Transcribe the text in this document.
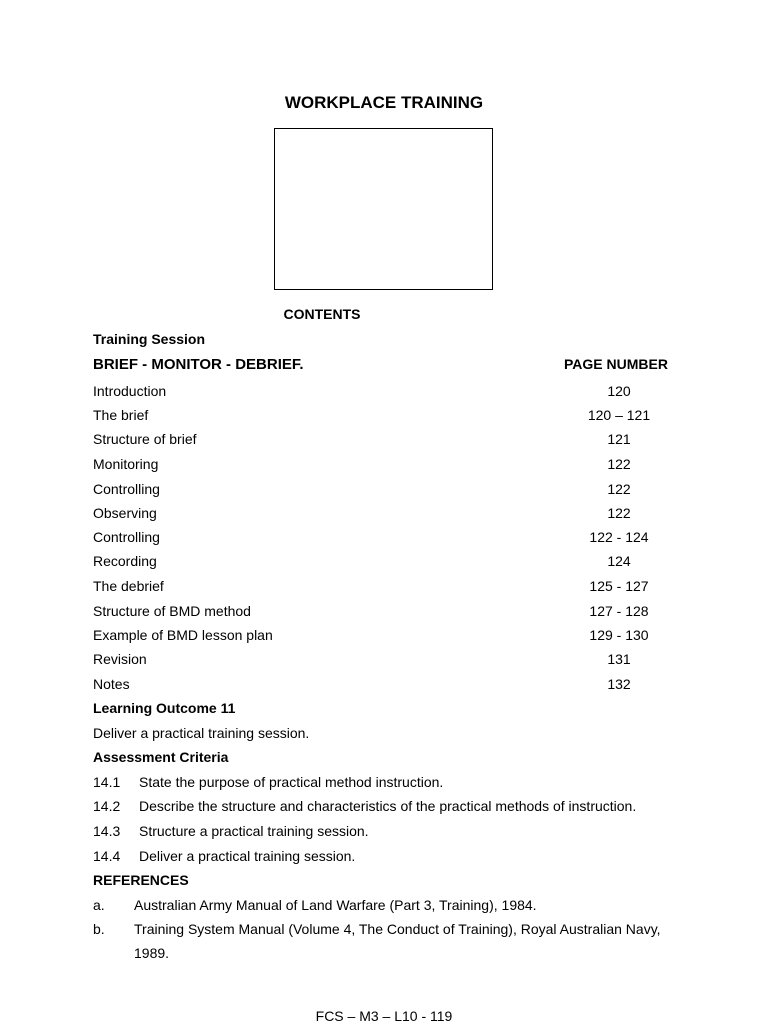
WORKPLACE TRAINING
CONTENTS
Training Session
BRIEF - MONITOR - DEBRIEF.	PAGE NUMBER
Introduction	120
The brief	120 – 121
Structure of brief	121
Monitoring	122
Controlling	122
Observing	122
Controlling	122 - 124
Recording	124
The debrief	125 - 127
Structure of BMD method	127 - 128
Example of BMD lesson plan	129 - 130
Revision	131
Notes	132
Learning Outcome 11
Deliver a practical training session.
Assessment Criteria
14.1 State the purpose of practical method instruction.
14.2 Describe the structure and characteristics of the practical methods of instruction.
14.3 Structure a practical training session.
14.4 Deliver a practical training session.
REFERENCES
a. Australian Army Manual of Land Warfare (Part 3, Training), 1984.
b. Training System Manual (Volume 4, The Conduct of Training), Royal Australian Navy,
1989.
FCS – M3 – L10 - 119
